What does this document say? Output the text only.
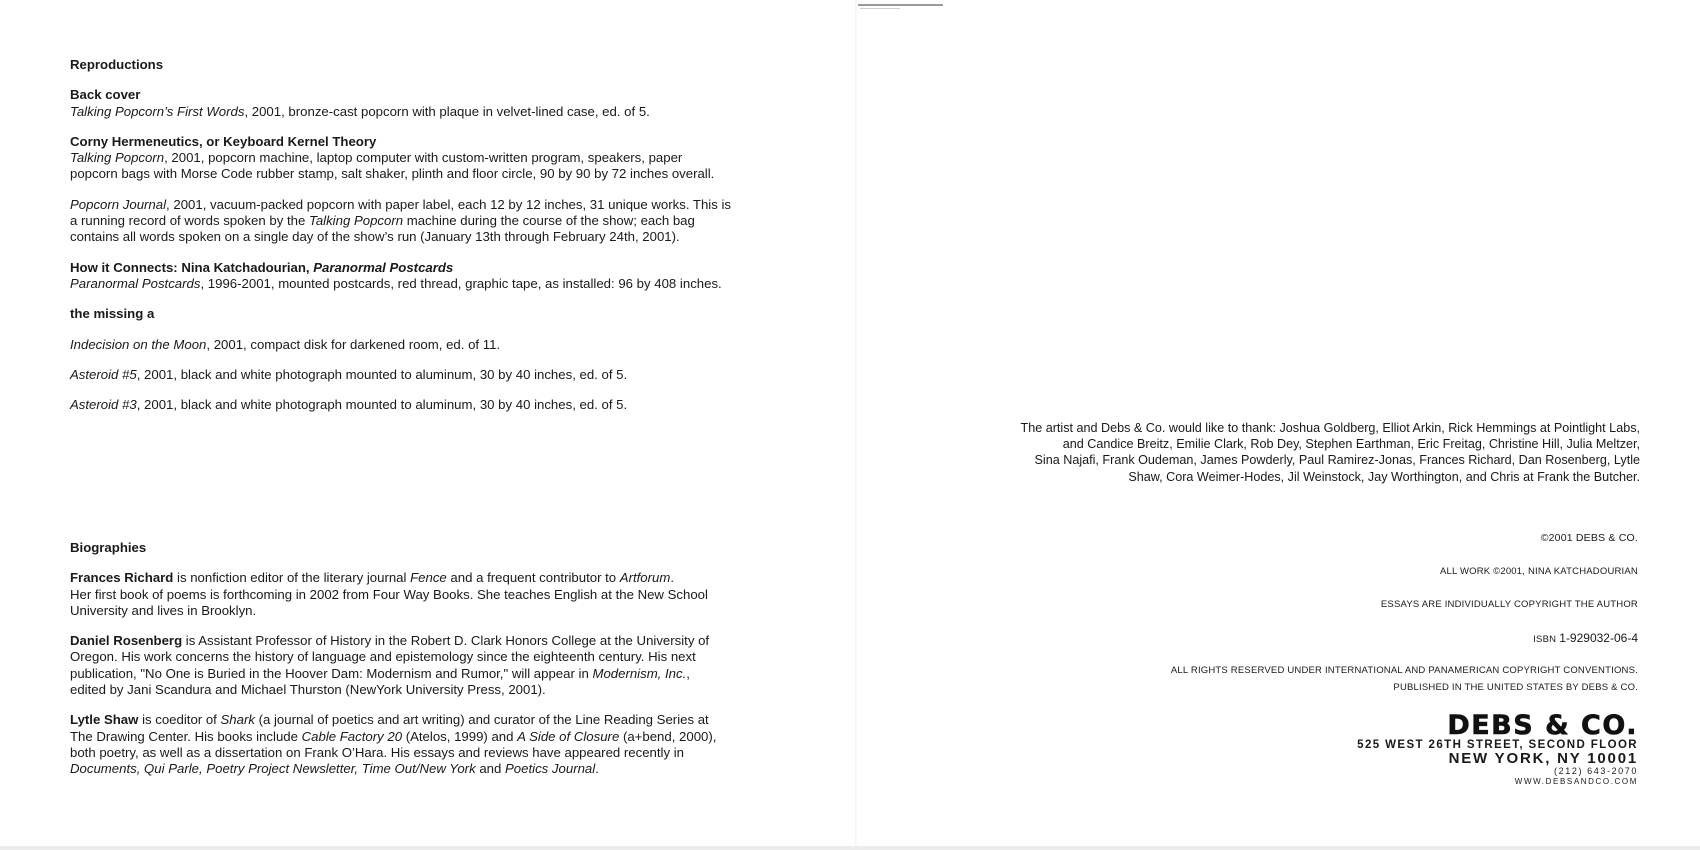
Reproductions

Back cover

Talking Popcorn’s First Words, 2001, bronze-cast popcorn with plaque in velvet-lined case, ed. of 5.

Corny Hermeneutics, or Keyboard Kernel Theory

Talking Popcorn, 2001, popcorn machine, laptop computer with custom-written program, speakers, paper
popcorn bags with Morse Code rubber stamp, salt shaker, plinth and floor circle, 90 by 90 by 72 inches overall.

Popcorn Journal, 2001, vacuum-packed popcorn with paper label, each 12 by 12 inches, 31 unique works. This is
a running record of words spoken by the Talking Popcorn machine during the course of the show; each bag
contains all words spoken on a single day of the show’s run (January 13th through February 24th, 2001).

How it Connects: Nina Katchadourian, Paranormal Postcards

Paranormal Postcards, 1996-2001, mounted postcards, red thread, graphic tape, as installed: 96 by 408 inches.

the missing a

Indecision on the Moon, 2001, compact disk for darkened room, ed. of 11.

Asteroid #5, 2001, black and white photograph mounted to aluminum, 30 by 40 inches, ed. of 5.

Asteroid #3, 2001, black and white photograph mounted to aluminum, 30 by 40 inches, ed. of 5.

Biographies

Frances Richard is nonfiction editor of the literary journal Fence and a frequent contributor to Artforum.
Her first book of poems is forthcoming in 2002 from Four Way Books. She teaches English at the New School
University and lives in Brooklyn.

Daniel Rosenberg is Assistant Professor of History in the Robert D. Clark Honors College at the University of
Oregon. His work concerns the history of language and epistemology since the eighteenth century. His next
publication, "No One is Buried in the Hoover Dam: Modernism and Rumor," will appear in Modernism, Inc.,
edited by Jani Scandura and Michael Thurston (NewYork University Press, 2001).

Lytle Shaw is coeditor of Shark (a journal of poetics and art writing) and curator of the Line Reading Series at
The Drawing Center. His books include Cable Factory 20 (Atelos, 1999) and A Side of Closure (a+bend, 2000),
both poetry, as well as a dissertation on Frank O’Hara. His essays and reviews have appeared recently in
Documents, Qui Parle, Poetry Project Newsletter, Time Out/New York and Poetics Journal.

The artist and Debs & Co. would like to thank: Joshua Goldberg, Elliot Arkin, Rick Hemmings at Pointlight Labs,
and Candice Breitz, Emilie Clark, Rob Dey, Stephen Earthman, Eric Freitag, Christine Hill, Julia Meltzer,
Sina Najafi, Frank Oudeman, James Powderly, Paul Ramirez-Jonas, Frances Richard, Dan Rosenberg, Lytle
Shaw, Cora Weimer-Hodes, Jil Weinstock, Jay Worthington, and Chris at Frank the Butcher.
©2001 DEBS & CO.
ALL WORK ©2001, NINA KATCHADOURIAN
ESSAYS ARE INDIVIDUALLY COPYRIGHT THE AUTHOR
ISBN 1-929032-06-4
ALL RIGHTS RESERVED UNDER INTERNATIONAL AND PANAMERICAN COPYRIGHT CONVENTIONS.
PUBLISHED IN THE UNITED STATES BY DEBS & CO.
DEBS & CO.
525 WEST 26TH STREET, SECOND FLOOR
NEW YORK, NY 10001
(212) 643-2070
WWW.DEBSANDCO.COM
